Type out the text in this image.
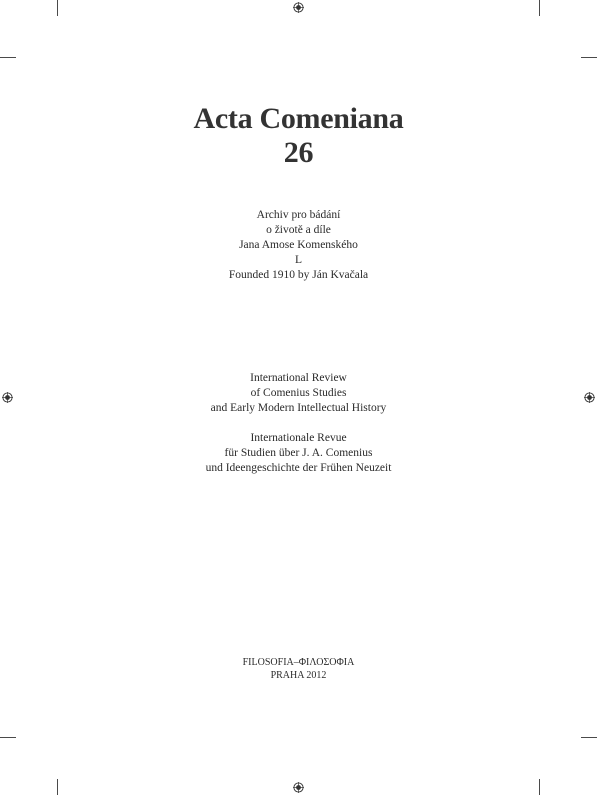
Acta Comeniana
26
Archiv pro bádání
o životě a díle
Jana Amose Komenského
L
Founded 1910 by Ján Kvačala
International Review
of Comenius Studies
and Early Modern Intellectual History
Internationale Revue
für Studien über J. A. Comenius
und Ideengeschichte der Frühen Neuzeit
FILOSOFIA–ΦΙΛΟΣΟΦΙΑ
PRAHA 2012
